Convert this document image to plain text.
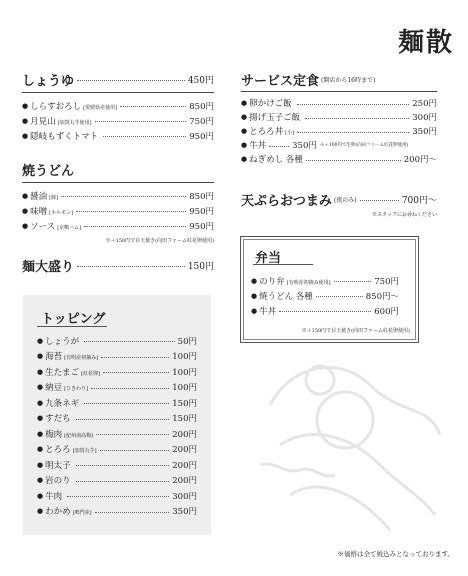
麺散
しょうゆ	450円
● しらすおろし [愛媛県産使用]	850円
● 月見山 [加賀丸芋使用]	750円
● 隠岐もずくトマト	950円
焼うどん
● 醤油 [豚]	850円
● 味噌 [ホルモン]	950円
● ソース [京鴨ハム]	950円
※＋150円で目玉焼き(向田ファーム紅花卵使用)
麺大盛り	150円
トッピング
● しょうが	50円
● 海苔 [有明産初摘み]	100円
● 生たまご [紅花卵]	100円
● 納豆 [ひきわり]	100円
● 九条ネギ	150円
● すだち	150円
● 梅肉 [紀州南高梅]	200円
● とろろ [加賀丸芋]	200円
● 明太子	200円
● 岩のり	200円
● 牛肉	300円
● わかめ [鳴門産]	350円
サービス定食 (開店から16時まで)
● 卵かけご飯	250円
● 揚げ玉子ご飯	300円
● とろろ丼 [小]	350円
● 牛丼	350円 ※＋100円で生卵(向田ファーム紅花卵使用)
● ねぎめし 各種	200円〜
天ぷらおつまみ (夜のみ)	700円〜
※スタッフにお尋ねください
弁当
● のり弁 [有明産初摘み使用]	750円
● 焼うどん 各種	850円〜
● 牛丼	600円
※＋150円で目玉焼き(向田ファーム紅花卵使用)
※価格は全て税込みとなっております。
